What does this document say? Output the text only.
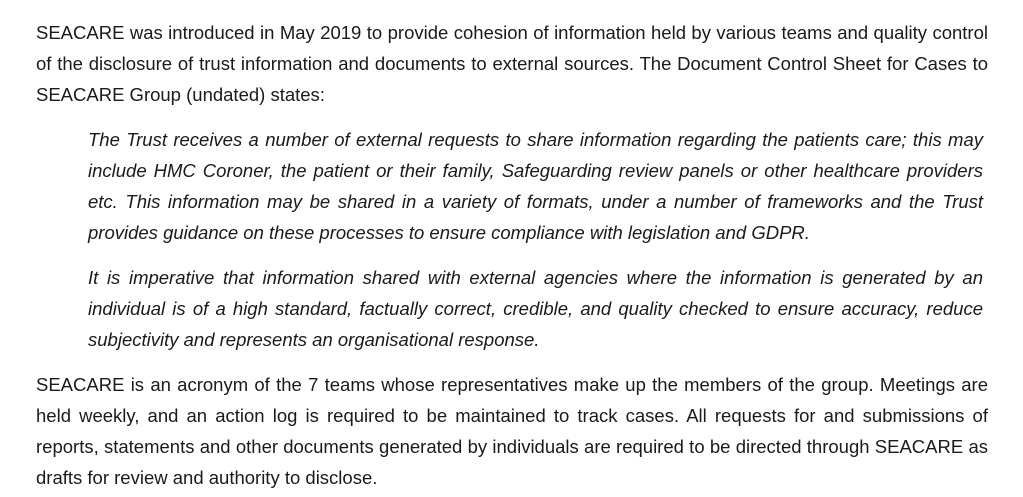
SEACARE was introduced in May 2019 to provide cohesion of information held by various teams and quality control of the disclosure of trust information and documents to external sources. The Document Control Sheet for Cases to SEACARE Group (undated) states:

The Trust receives a number of external requests to share information regarding the patients care; this may include HMC Coroner, the patient or their family, Safeguarding review panels or other healthcare providers etc. This information may be shared in a variety of formats, under a number of frameworks and the Trust provides guidance on these processes to ensure compliance with legislation and GDPR.

It is imperative that information shared with external agencies where the information is generated by an individual is of a high standard, factually correct, credible, and quality checked to ensure accuracy, reduce subjectivity and represents an organisational response.

SEACARE is an acronym of the 7 teams whose representatives make up the members of the group. Meetings are held weekly, and an action log is required to be maintained to track cases. All requests for and submissions of reports, statements and other documents generated by individuals are required to be directed through SEACARE as drafts for review and authority to disclose.
